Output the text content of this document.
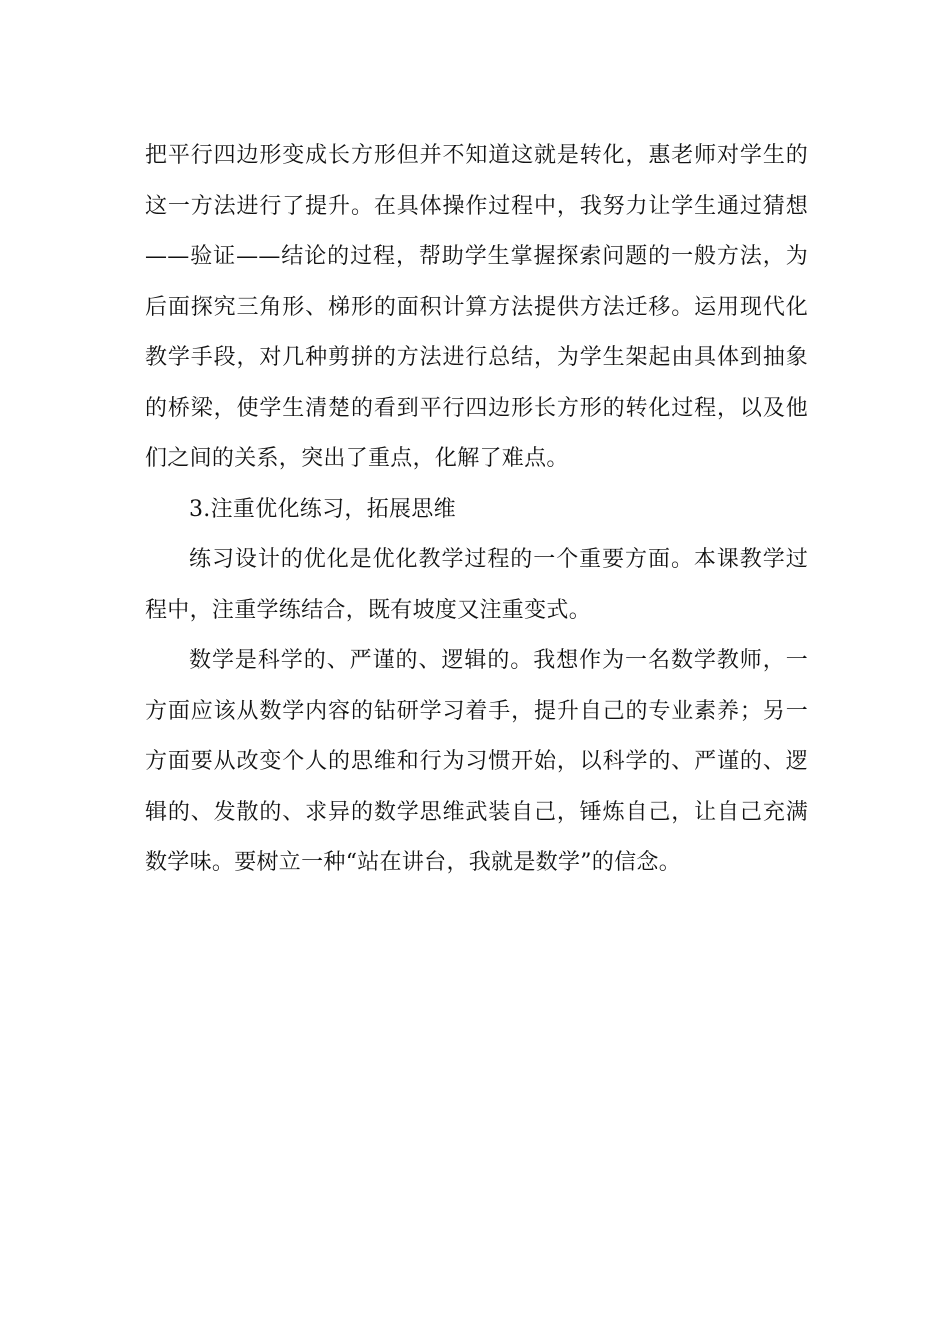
把平行四边形变成长方形但并不知道这就是转化，惠老师对学生的这一方法进行了提升。在具体操作过程中，我努力让学生通过猜想——验证——结论的过程，帮助学生掌握探索问题的一般方法，为后面探究三角形、梯形的面积计算方法提供方法迁移。运用现代化教学手段，对几种剪拼的方法进行总结，为学生架起由具体到抽象的桥梁，使学生清楚的看到平行四边形长方形的转化过程，以及他们之间的关系，突出了重点，化解了难点。

3.注重优化练习，拓展思维

练习设计的优化是优化教学过程的一个重要方面。本课教学过程中，注重学练结合，既有坡度又注重变式。

数学是科学的、严谨的、逻辑的。我想作为一名数学教师，一方面应该从数学内容的钻研学习着手，提升自己的专业素养；另一方面要从改变个人的思维和行为习惯开始，以科学的、严谨的、逻辑的、发散的、求异的数学思维武装自己，锤炼自己，让自己充满数学味。要树立一种“站在讲台，我就是数学”的信念。
